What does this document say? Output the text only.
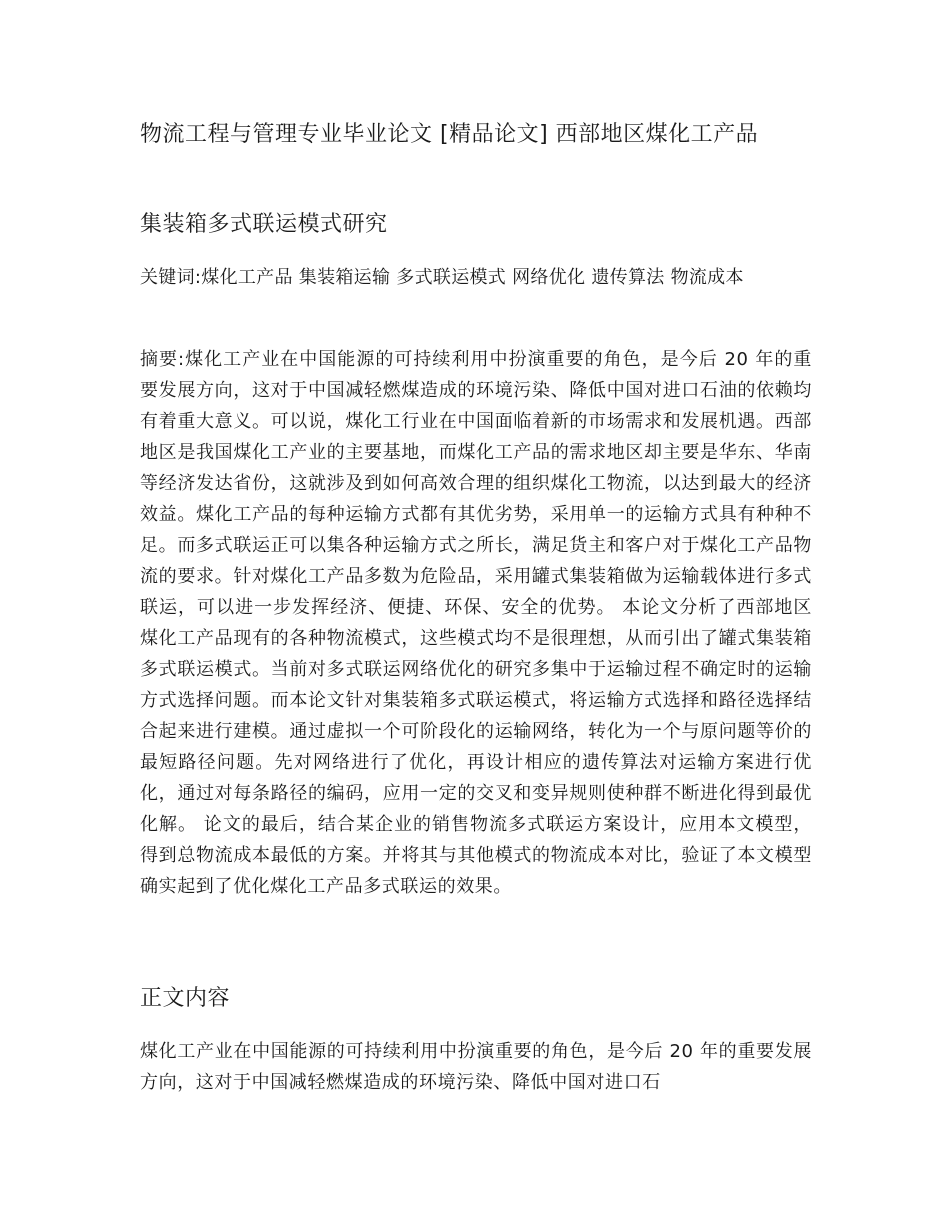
物流工程与管理专业毕业论文 [精品论文] 西部地区煤化工产品
集装箱多式联运模式研究

关键词:煤化工产品 集装箱运输 多式联运模式 网络优化 遗传算法 物流成本

摘要:煤化工产业在中国能源的可持续利用中扮演重要的角色，是今后 20 年的重要发展方向，这对于中国减轻燃煤造成的环境污染、降低中国对进口石油的依赖均有着重大意义。可以说，煤化工行业在中国面临着新的市场需求和发展机遇。西部地区是我国煤化工产业的主要基地，而煤化工产品的需求地区却主要是华东、华南等经济发达省份，这就涉及到如何高效合理的组织煤化工物流，以达到最大的经济效益。煤化工产品的每种运输方式都有其优劣势，采用单一的运输方式具有种种不足。而多式联运正可以集各种运输方式之所长，满足货主和客户对于煤化工产品物流的要求。针对煤化工产品多数为危险品，采用罐式集装箱做为运输载体进行多式联运，可以进一步发挥经济、便捷、环保、安全的优势。 本论文分析了西部地区煤化工产品现有的各种物流模式，这些模式均不是很理想，从而引出了罐式集装箱多式联运模式。当前对多式联运网络优化的研究多集中于运输过程不确定时的运输方式选择问题。而本论文针对集装箱多式联运模式，将运输方式选择和路径选择结合起来进行建模。通过虚拟一个可阶段化的运输网络，转化为一个与原问题等价的最短路径问题。先对网络进行了优化，再设计相应的遗传算法对运输方案进行优化，通过对每条路径的编码，应用一定的交叉和变异规则使种群不断进化得到最优化解。 论文的最后，结合某企业的销售物流多式联运方案设计，应用本文模型，得到总物流成本最低的方案。并将其与其他模式的物流成本对比，验证了本文模型确实起到了优化煤化工产品多式联运的效果。

正文内容

煤化工产业在中国能源的可持续利用中扮演重要的角色，是今后 20 年的重要发展方向，这对于中国减轻燃煤造成的环境污染、降低中国对进口石
